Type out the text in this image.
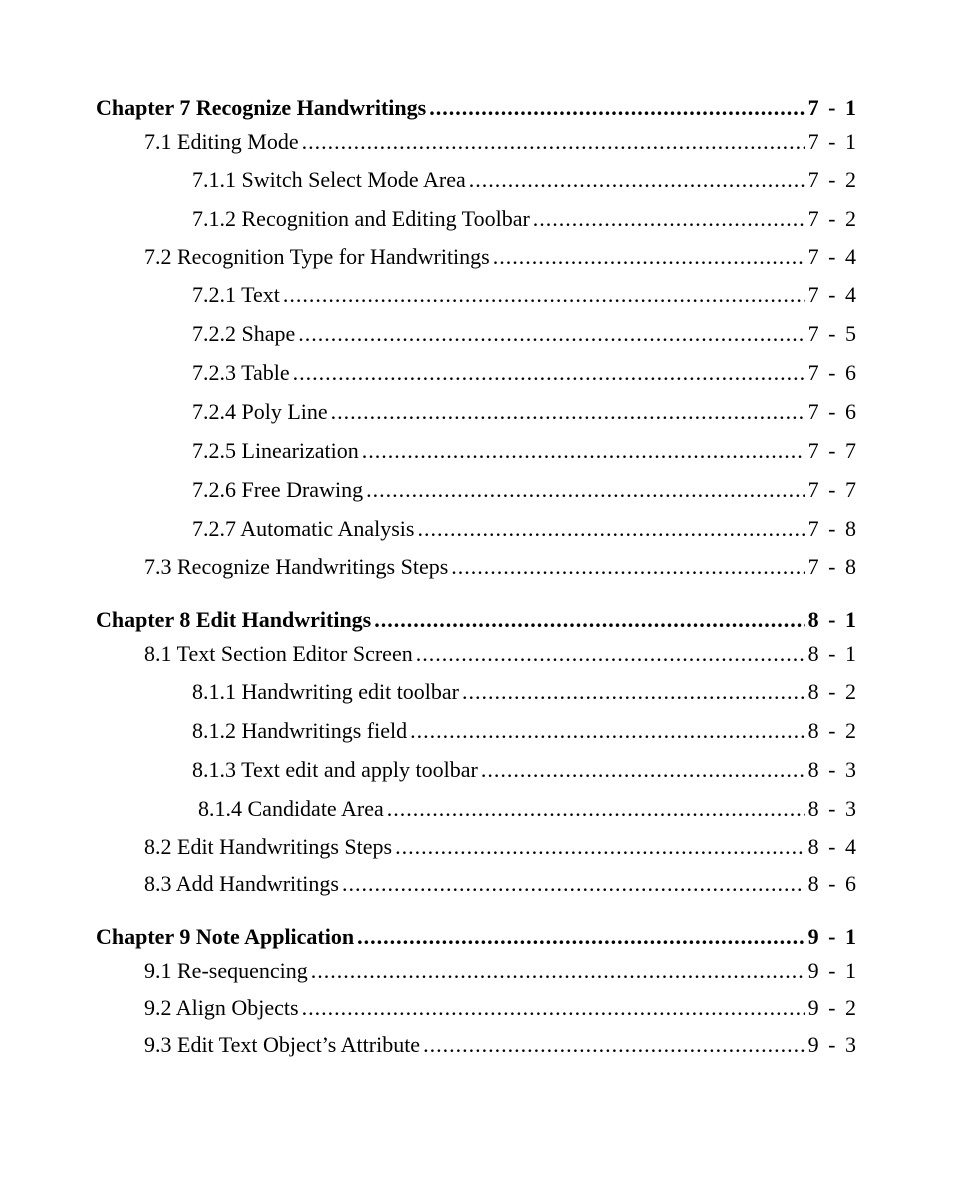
Chapter 7 Recognize Handwritings .....	7 - 1
7.1 Editing Mode .....	7 - 1
7.1.1 Switch Select Mode Area .....	7 - 2
7.1.2 Recognition and Editing Toolbar .....	7 - 2
7.2 Recognition Type for Handwritings .....	7 - 4
7.2.1 Text .....	7 - 4
7.2.2 Shape .....	7 - 5
7.2.3 Table .....	7 - 6
7.2.4 Poly Line .....	7 - 6
7.2.5 Linearization .....	7 - 7
7.2.6 Free Drawing .....	7 - 7
7.2.7 Automatic Analysis .....	7 - 8
7.3 Recognize Handwritings Steps .....	7 - 8
Chapter 8 Edit Handwritings .....	8 - 1
8.1 Text Section Editor Screen .....	8 - 1
8.1.1 Handwriting edit toolbar .....	8 - 2
8.1.2 Handwritings field .....	8 - 2
8.1.3 Text edit and apply toolbar .....	8 - 3
8.1.4 Candidate Area .....	8 - 3
8.2 Edit Handwritings Steps .....	8 - 4
8.3 Add Handwritings .....	8 - 6
Chapter 9 Note Application .....	9 - 1
9.1 Re-sequencing .....	9 - 1
9.2 Align Objects .....	9 - 2
9.3 Edit Text Object’s Attribute .....	9 - 3
